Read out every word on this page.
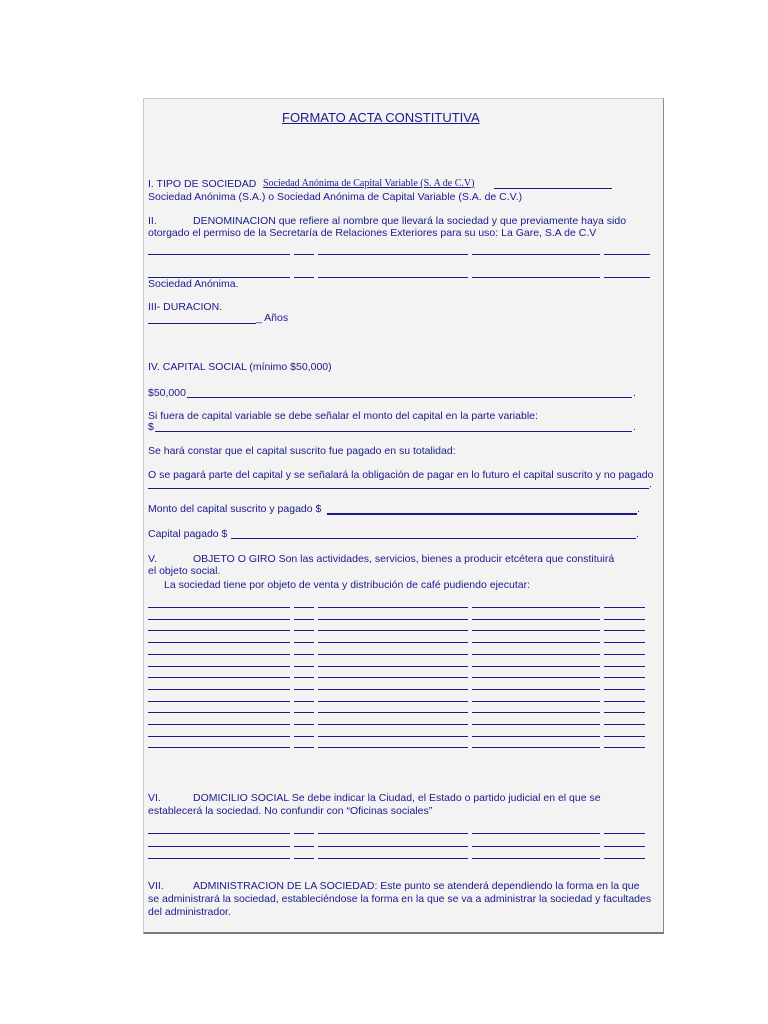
FORMATO ACTA CONSTITUTIVA
I. TIPO DE SOCIEDAD Sociedad Anónima de Capital Variable (S. A de C.V)
Sociedad Anónima (S.A.) o Sociedad Anónima de Capital Variable (S.A. de C.V.)
II.	DENOMINACION que refiere al nombre que llevará la sociedad y que previamente haya sido
otorgado el permiso de la Secretaría de Relaciones Exteriores para su uso: La Gare, S.A de C.V
Sociedad Anónima.
III- DURACION.
_ Años
IV. CAPITAL SOCIAL (mínimo $50,000)
$50,000	.
Si fuera de capital variable se debe señalar el monto del capital en la parte variable:
$	.
Se hará constar que el capital suscrito fue pagado en su totalidad:
O se pagará parte del capital y se señalará la obligación de pagar en lo futuro el capital suscrito y no pagado
.
Monto del capital suscrito y pagado $	.
Capital pagado $	.
V.	OBJETO O GIRO Son las actividades, servicios, bienes a producir etcétera que constituirá
el objeto social.
La sociedad tiene por objeto de venta y distribución de café pudiendo ejecutar:
VI.	DOMICILIO SOCIAL Se debe indicar la Ciudad, el Estado o partido judicial en el que se
establecerá la sociedad. No confundir con “Oficinas sociales”
VII.	ADMINISTRACION DE LA SOCIEDAD: Este punto se atenderá dependiendo la forma en la que
se administrará la sociedad, estableciéndose la forma en la que se va a administrar la sociedad y facultades
del administrador.
